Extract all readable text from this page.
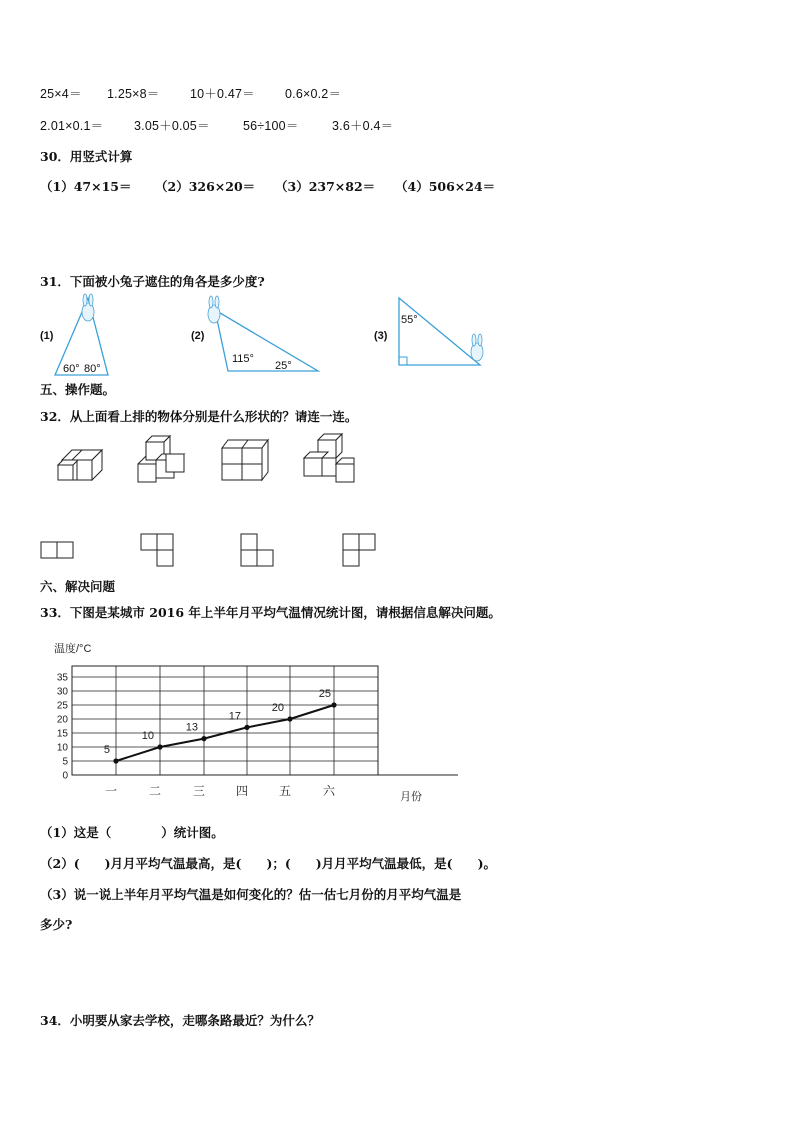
25×4＝ 1.25×8＝ 10＋0.47＝ 0.6×0.2＝
2.01×0.1＝ 3.05＋0.05＝	56÷100＝	3.6＋0.4＝
30．用竖式计算
（1）47×15＝ （2）326×20＝ （3）237×82＝ （4）506×24＝
31．下面被小兔子遮住的角各是多少度?
(1)	(2)	(3)
60° 80°
115°
25°
55°
五、操作题。
32．从上面看上排的物体分别是什么形状的？请连一连。
六、解决问题
33．下图是某城市 2016 年上半年月平均气温情况统计图，请根据信息解决问题。
温度/°C
月份
0
5
10
15
20
25
30
35
5
一
10
二
13
三
17
四
20
五
25
六
（1）这是（　　　　）统计图。
（2）(　　)月月平均气温最高，是(　　)；(　　)月月平均气温最低，是(　　)。
（3）说一说上半年月平均气温是如何变化的？估一估七月份的月平均气温是
多少?
34．小明要从家去学校，走哪条路最近？为什么？
